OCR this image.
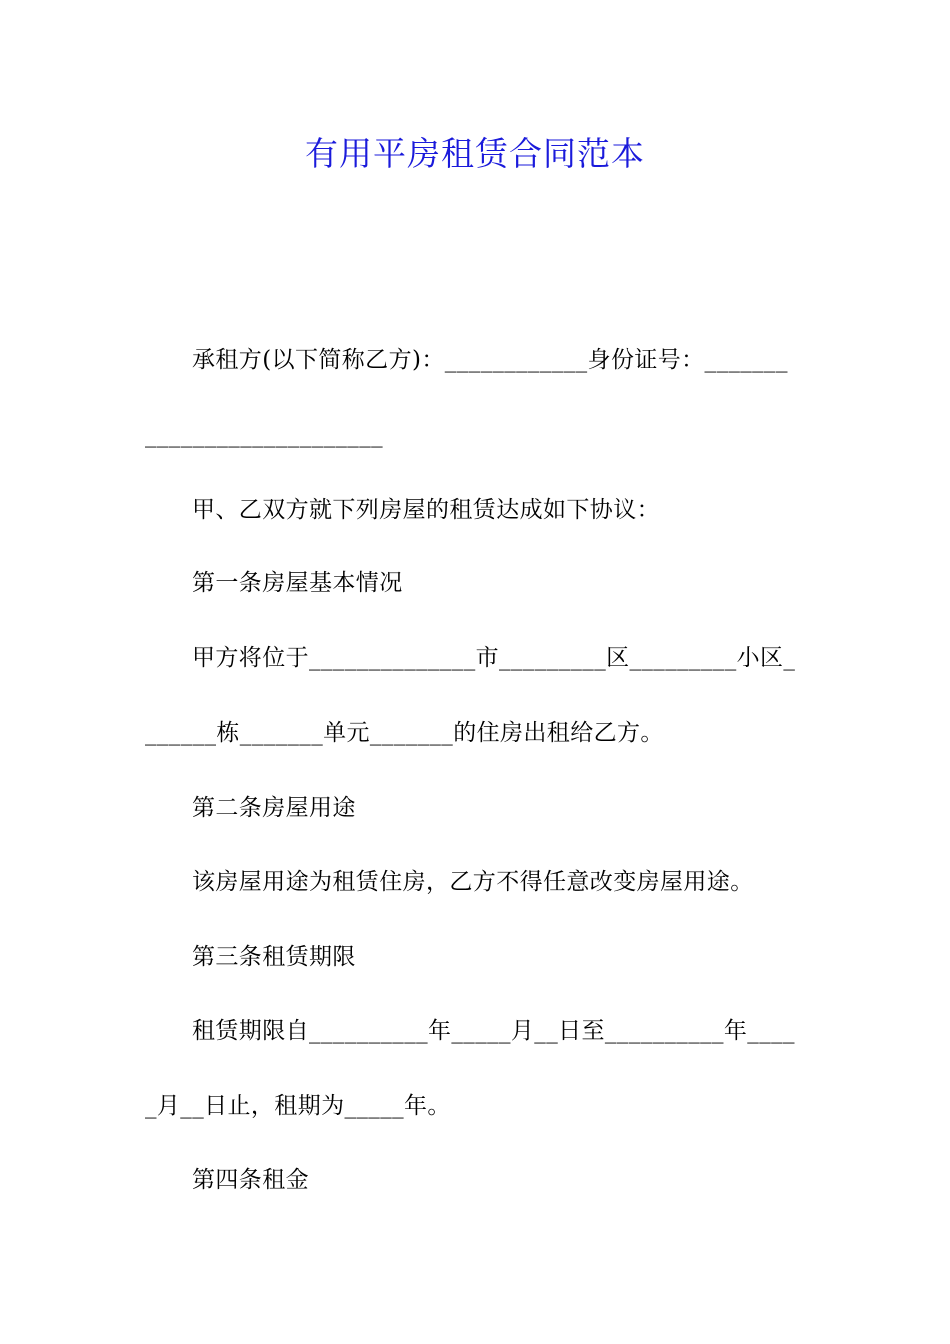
有用平房租赁合同范本
承租方(以下简称乙方)：____________身份证号：_______
____________________
甲、乙双方就下列房屋的租赁达成如下协议：
第一条房屋基本情况
甲方将位于______________市_________区_________小区_
______栋_______单元_______的住房出租给乙方。
第二条房屋用途
该房屋用途为租赁住房，乙方不得任意改变房屋用途。
第三条租赁期限
租赁期限自__________年_____月__日至__________年____
_月__日止，租期为_____年。
第四条租金
